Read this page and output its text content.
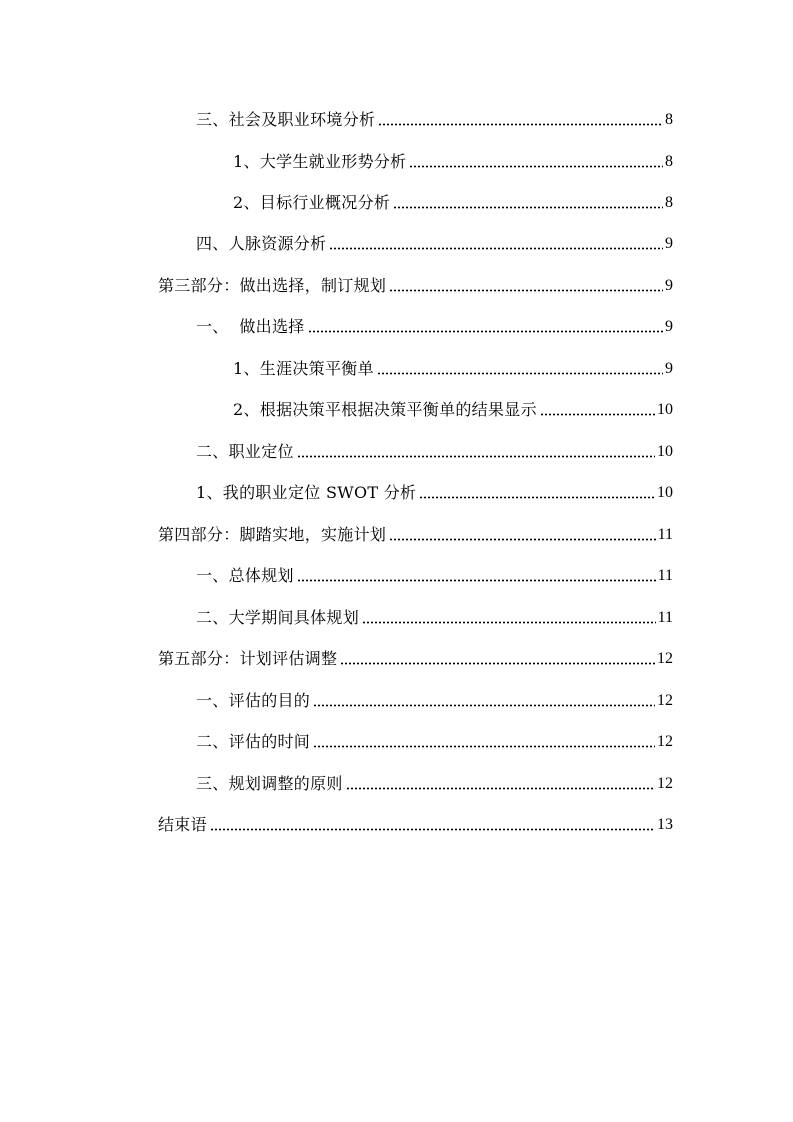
三、社会及职业环境分析	8
1、大学生就业形势分析	8
2、目标行业概况分析	8
四、人脉资源分析	9
第三部分：做出选择，制订规划	9
一、  做出选择	9
1、生涯决策平衡单	9
2、根据决策平根据决策平衡单的结果显示	10
二、职业定位	10
1、我的职业定位 SWOT 分析	10
第四部分：脚踏实地，实施计划	11
一、总体规划	11
二、大学期间具体规划	11
第五部分：计划评估调整	12
一、评估的目的	12
二、评估的时间	12
三、规划调整的原则	12
结束语	13
